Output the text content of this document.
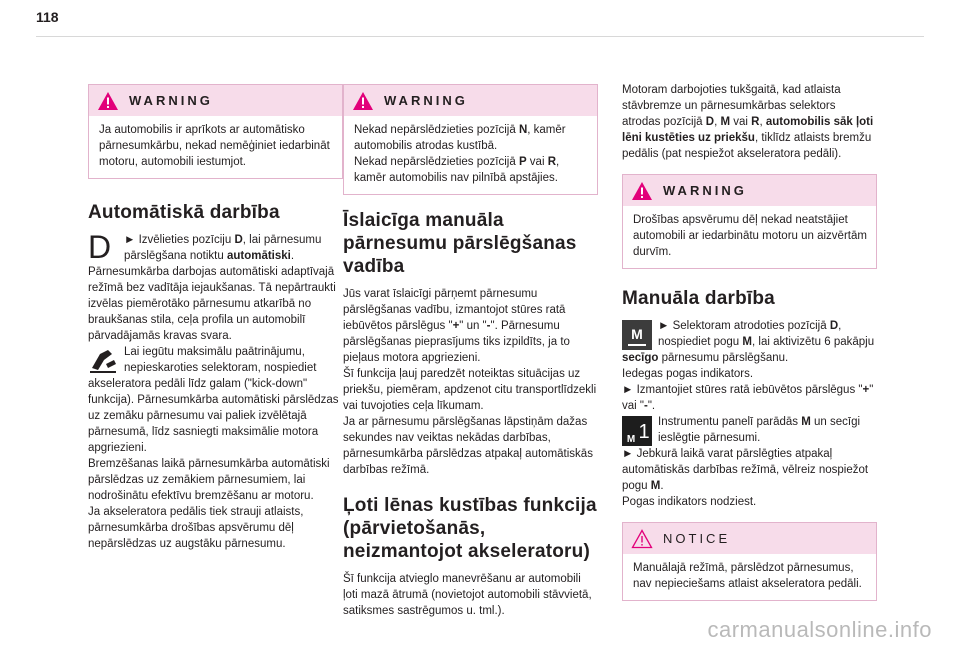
118
WARNING
Ja automobilis ir aprīkots ar automātisko pārnesumkārbu, nekad nemēģiniet iedarbināt motoru, automobili iestumjot.
Automātiskā darbība
D	► Izvēlieties pozīciju D, lai pārnesumu pārslēgšana notiktu automātiski. Pārnesumkārba darbojas automātiski adaptīvajā režīmā bez vadītāja iejaukšanas. Tā nepārtraukti izvēlas piemērotāko pārnesumu atkarībā no braukšanas stila, ceļa profila un automobilī pārvadājamās kravas svara.
Lai iegūtu maksimālu paātrinājumu, nepieskaroties selektoram, nospiediet akseleratora pedāli līdz galam ("kick-down" funkcija). Pārnesumkārba automātiski pārslēdzas uz zemāku pārnesumu vai paliek izvēlētajā pārnesumā, līdz sasniegti maksimālie motora apgriezieni.
Bremzēšanas laikā pārnesumkārba automātiski pārslēdzas uz zemākiem pārnesumiem, lai nodrošinātu efektīvu bremzēšanu ar motoru.
Ja akseleratora pedālis tiek strauji atlaists, pārnesumkārba drošības apsvērumu dēļ nepārslēdzas uz augstāku pārnesumu.
WARNING
Nekad nepārslēdzieties pozīcijā N, kamēr automobilis atrodas kustībā.
Nekad nepārslēdzieties pozīcijā P vai R, kamēr automobilis nav pilnībā apstājies.
Īslaicīga manuāla pārnesumu pārslēgšanas vadība

Jūs varat īslaicīgi pārņemt pārnesumu pārslēgšanas vadību, izmantojot stūres ratā iebūvētos pārslēgus "+" un "-". Pārnesumu pārslēgšanas pieprasījums tiks izpildīts, ja to pieļaus motora apgriezieni.

Šī funkcija ļauj paredzēt noteiktas situācijas uz priekšu, piemēram, apdzenot citu transportlīdzekli vai tuvojoties ceļa līkumam.

Ja ar pārnesumu pārslēgšanas lāpstiņām dažas sekundes nav veiktas nekādas darbības, pārnesumkārba pārslēdzas atpakaļ automātiskās darbības režīmā.

Ļoti lēnas kustības funkcija (pārvietošanās, neizmantojot akseleratoru)

Šī funkcija atvieglo manevrēšanu ar automobili ļoti mazā ātrumā (novietojot automobili stāvvietā, satiksmes sastrēgumos u. tml.).

Motoram darbojoties tukšgaitā, kad atlaista stāvbremze un pārnesumkārbas selektors atrodas pozīcijā D, M vai R, automobilis sāk ļoti lēni kustēties uz priekšu, tiklīdz atlaists bremžu pedālis (pat nespiežot akseleratora pedāli).

WARNING
Drošības apsvērumu dēļ nekad neatstājiet automobili ar iedarbinātu motoru un aizvērtām durvīm.
Manuāla darbība
M ► Selektoram atrodoties pozīcijā D, nospiediet pogu M, lai aktivizētu 6 pakāpju secīgo pārnesumu pārslēgšanu.
Iedegas pogas indikators.
► Izmantojiet stūres ratā iebūvētos pārslēgus "+" vai "-".
M 1 Instrumentu panelī parādās M un secīgi ieslēgtie pārnesumi.
► Jebkurā laikā varat pārslēgties atpakaļ automātiskās darbības režīmā, vēlreiz nospiežot pogu M.
Pogas indikators nodziest.
NOTICE
Manuālajā režīmā, pārslēdzot pārnesumus, nav nepieciešams atlaist akseleratora pedāli.
carmanualsonline.info
